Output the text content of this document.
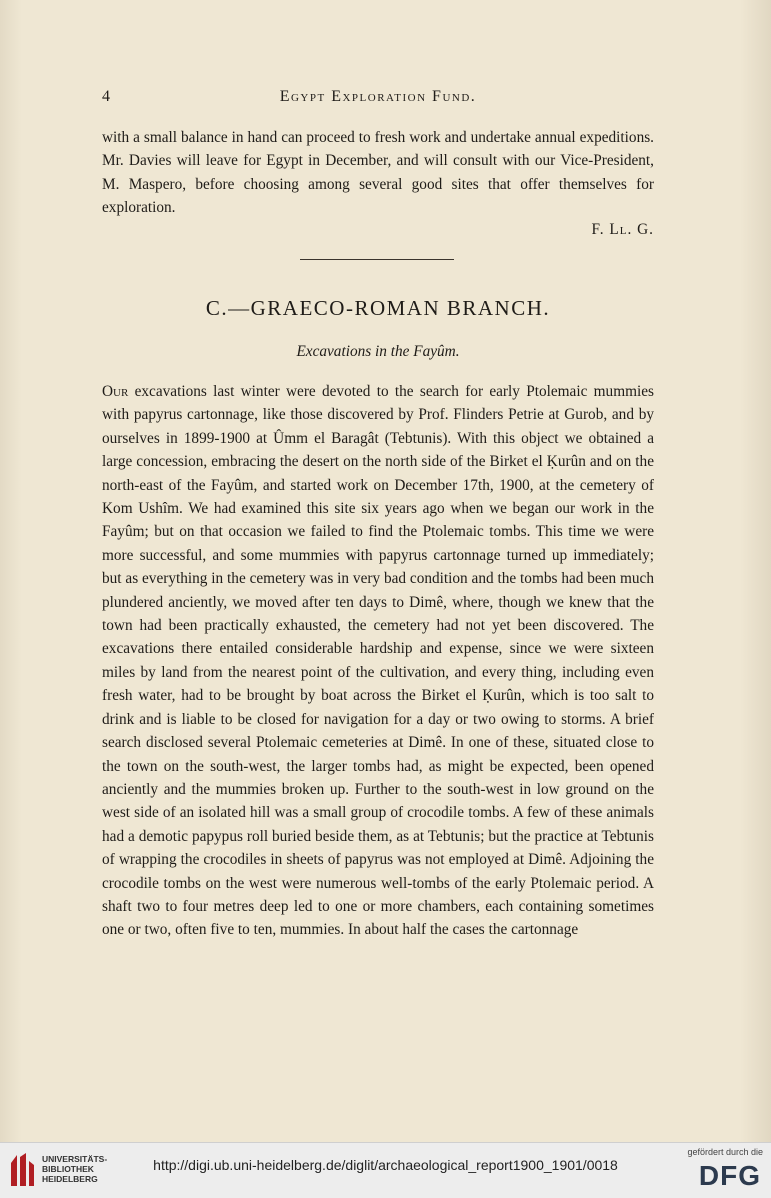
4	Egypt Exploration Fund.

with a small balance in hand can proceed to fresh work and undertake annual expeditions. Mr. Davies will leave for Egypt in December, and will consult with our Vice-President, M. Maspero, before choosing among several good sites that offer themselves for exploration.

F. Ll. G.
C.—GRAECO-ROMAN BRANCH.
Excavations in the Fayûm.

Our excavations last winter were devoted to the search for early Ptolemaic mummies with papyrus cartonnage, like those discovered by Prof. Flinders Petrie at Gurob, and by ourselves in 1899-1900 at Ûmm el Baragât (Tebtunis). With this object we obtained a large concession, embracing the desert on the north side of the Birket el Ḳurûn and on the north-east of the Fayûm, and started work on December 17th, 1900, at the cemetery of Kom Ushîm. We had examined this site six years ago when we began our work in the Fayûm; but on that occasion we failed to find the Ptolemaic tombs. This time we were more successful, and some mummies with papyrus cartonnage turned up immediately; but as everything in the cemetery was in very bad condition and the tombs had been much plundered anciently, we moved after ten days to Dimê, where, though we knew that the town had been practically exhausted, the cemetery had not yet been discovered. The excavations there entailed considerable hardship and expense, since we were sixteen miles by land from the nearest point of the cultivation, and every thing, including even fresh water, had to be brought by boat across the Birket el Ḳurûn, which is too salt to drink and is liable to be closed for navigation for a day or two owing to storms. A brief search disclosed several Ptolemaic cemeteries at Dimê. In one of these, situated close to the town on the south-west, the larger tombs had, as might be expected, been opened anciently and the mummies broken up. Further to the south-west in low ground on the west side of an isolated hill was a small group of crocodile tombs. A few of these animals had a demotic papypus roll buried beside them, as at Tebtunis; but the practice at Tebtunis of wrapping the crocodiles in sheets of papyrus was not employed at Dimê. Adjoining the crocodile tombs on the west were numerous well-tombs of the early Ptolemaic period. A shaft two to four metres deep led to one or more chambers, each containing sometimes one or two, often five to ten, mummies. In about half the cases the cartonnage

UNIVERSITÄTS-
BIBLIOTHEK
HEIDELBERG
http://digi.ub.uni-heidelberg.de/diglit/archaeological_report1900_1901/0018
gefördert durch die
DFG
